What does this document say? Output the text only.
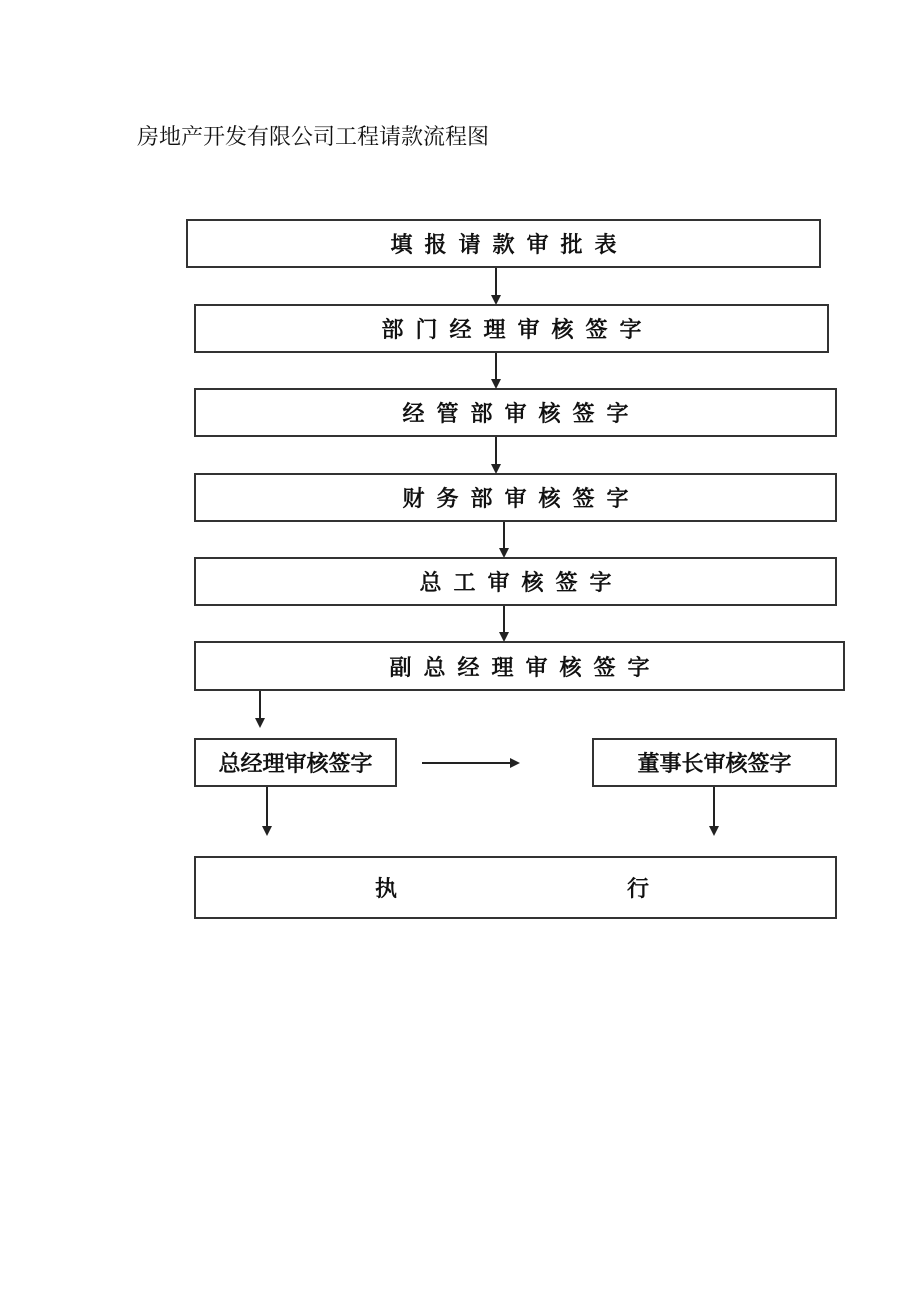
房地产开发有限公司工程请款流程图
填报请款审批表
部门经理审核签字
经管部审核签字
财务部审核签字
总工审核签字
副总经理审核签字
总经理审核签字	董事长审核签字
执	行
